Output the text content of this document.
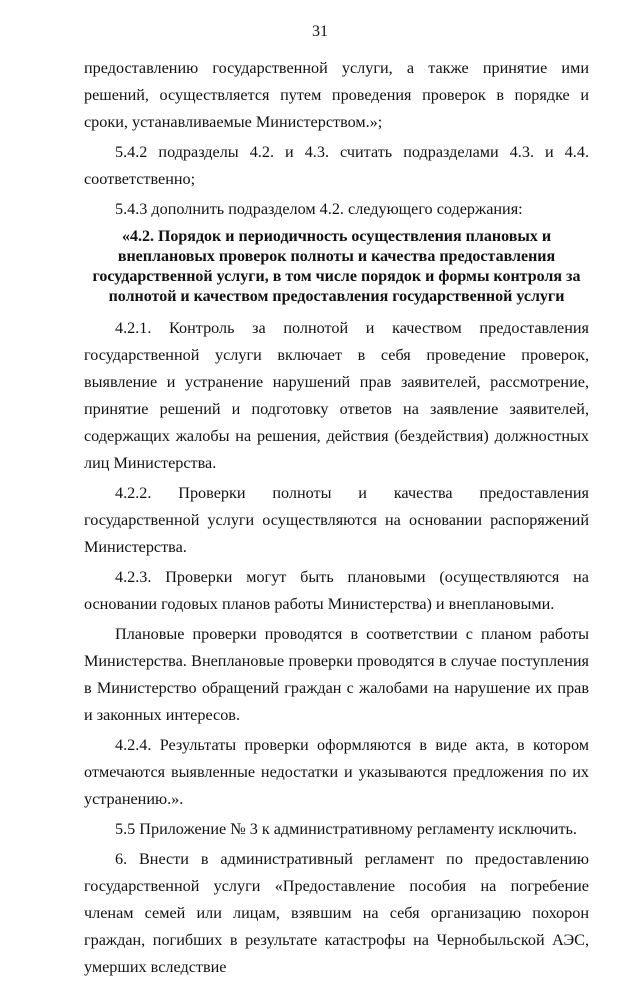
31

предоставлению государственной услуги, а также принятие ими решений, осуществляется путем проведения проверок в порядке и сроки, устанавливаемые Министерством.»;

5.4.2 подразделы 4.2. и 4.3. считать подразделами 4.3. и 4.4. соответственно;

5.4.3 дополнить подразделом 4.2. следующего содержания:

«4.2. Порядок и периодичность осуществления плановых и внеплановых проверок полноты и качества предоставления государственной услуги, в том числе порядок и формы контроля за полнотой и качеством предоставления государственной услуги

4.2.1. Контроль за полнотой и качеством предоставления государственной услуги включает в себя проведение проверок, выявление и устранение нарушений прав заявителей, рассмотрение, принятие решений и подготовку ответов на заявление заявителей, содержащих жалобы на решения, действия (бездействия) должностных лиц Министерства.

4.2.2. Проверки полноты и качества предоставления государственной услуги осуществляются на основании распоряжений Министерства.

4.2.3. Проверки могут быть плановыми (осуществляются на основании годовых планов работы Министерства) и внеплановыми.

Плановые проверки проводятся в соответствии с планом работы Министерства. Внеплановые проверки проводятся в случае поступления в Министерство обращений граждан с жалобами на нарушение их прав и законных интересов.

4.2.4. Результаты проверки оформляются в виде акта, в котором отмечаются выявленные недостатки и указываются предложения по их устранению.».

5.5 Приложение № 3 к административному регламенту исключить.

6. Внести в административный регламент по предоставлению государственной услуги «Предоставление пособия на погребение членам семей или лицам, взявшим на себя организацию похорон граждан, погибших в результате катастрофы на Чернобыльской АЭС, умерших вследствие
